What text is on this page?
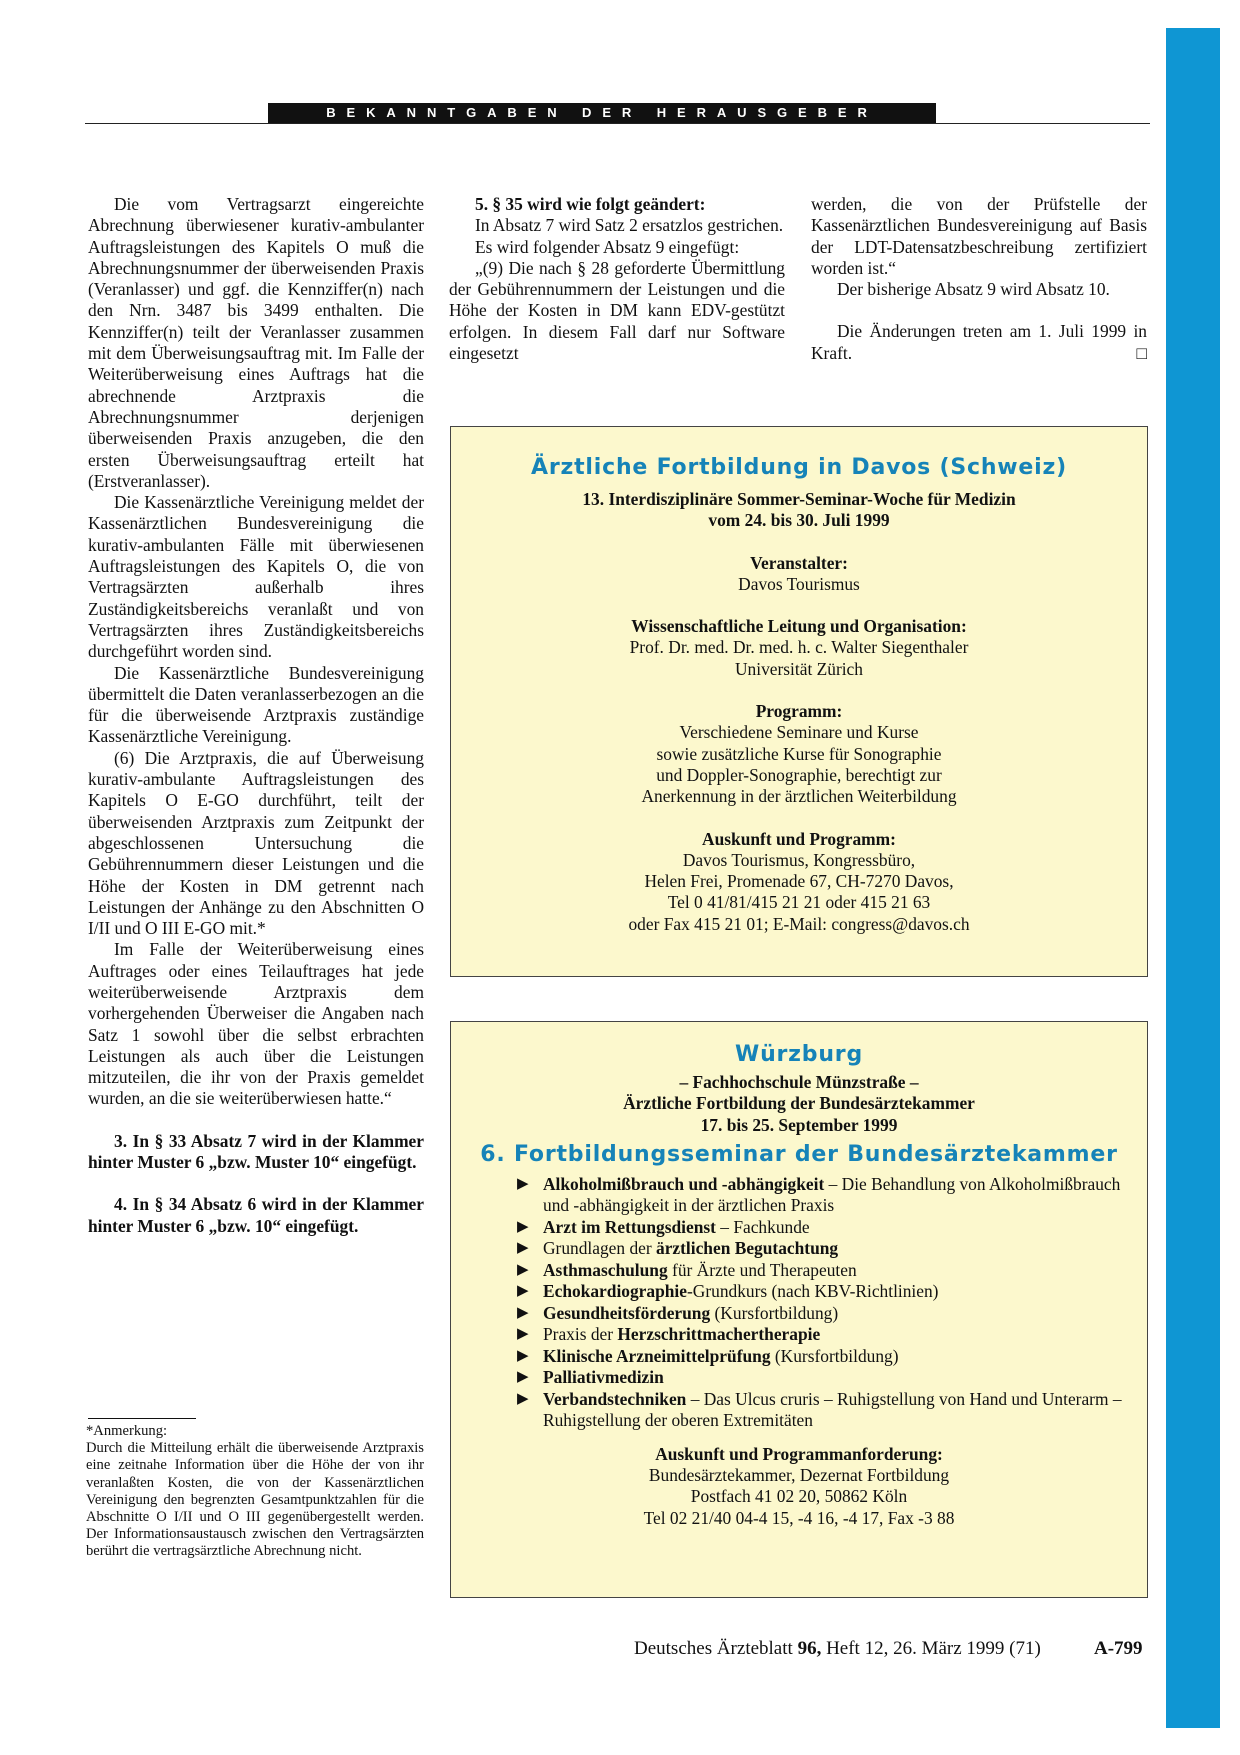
BEKANNTGABEN DER HERAUSGEBER

Die vom Vertragsarzt eingereichte Abrechnung überwiesener kurativ-ambulanter Auftragsleistungen des Kapitels O muß die Abrechnungsnummer der überweisenden Praxis (Veranlasser) und ggf. die Kennziffer(n) nach den Nrn. 3487 bis 3499 enthalten. Die Kennziffer(n) teilt der Veranlasser zusammen mit dem Überweisungsauftrag mit. Im Falle der Weiterüberweisung eines Auftrags hat die abrechnende Arztpraxis die Abrechnungsnummer derjenigen überweisenden Praxis anzugeben, die den ersten Überweisungsauftrag erteilt hat (Erstveranlasser).

Die Kassenärztliche Vereinigung meldet der Kassenärztlichen Bundesvereinigung die kurativ-ambulanten Fälle mit überwiesenen Auftragsleistungen des Kapitels O, die von Vertragsärzten außerhalb ihres Zuständigkeitsbereichs veranlaßt und von Vertragsärzten ihres Zuständigkeitsbereichs durchgeführt worden sind.

Die Kassenärztliche Bundesvereinigung übermittelt die Daten veranlasserbezogen an die für die überweisende Arztpraxis zuständige Kassenärztliche Vereinigung.

(6) Die Arztpraxis, die auf Überweisung kurativ-ambulante Auftragsleistungen des Kapitels O E-GO durchführt, teilt der überweisenden Arztpraxis zum Zeitpunkt der abgeschlossenen Untersuchung die Gebührennummern dieser Leistungen und die Höhe der Kosten in DM getrennt nach Leistungen der Anhänge zu den Abschnitten O I/II und O III E-GO mit.*

Im Falle der Weiterüberweisung eines Auftrages oder eines Teilauftrages hat jede weiterüberweisende Arztpraxis dem vorhergehenden Überweiser die Angaben nach Satz 1 sowohl über die selbst erbrachten Leistungen als auch über die Leistungen mitzuteilen, die ihr von der Praxis gemeldet wurden, an die sie weiterüberwiesen hatte.“

3. In § 33 Absatz 7 wird in der Klammer hinter Muster 6 „bzw. Muster 10“ eingefügt.

4. In § 34 Absatz 6 wird in der Klammer hinter Muster 6 „bzw. 10“ eingefügt.

*Anmerkung:

Durch die Mitteilung erhält die überweisende Arztpraxis eine zeitnahe Information über die Höhe der von ihr veranlaßten Kosten, die von der Kassenärztlichen Vereinigung den begrenzten Gesamtpunktzahlen für die Abschnitte O I/II und O III gegenübergestellt werden. Der Informationsaustausch zwischen den Vertragsärzten berührt die vertragsärztliche Abrechnung nicht.

5. § 35 wird wie folgt geändert:

In Absatz 7 wird Satz 2 ersatzlos gestrichen.

Es wird folgender Absatz 9 eingefügt:

„(9) Die nach § 28 geforderte Übermittlung der Gebührennummern der Leistungen und die Höhe der Kosten in DM kann EDV-gestützt erfolgen. In diesem Fall darf nur Software eingesetzt

werden, die von der Prüfstelle der Kassenärztlichen Bundesvereinigung auf Basis der LDT-Datensatzbeschreibung zertifiziert worden ist.“

Der bisherige Absatz 9 wird Absatz 10.

Die Änderungen treten am 1. Juli 1999 in Kraft.	□

Ärztliche Fortbildung in Davos (Schweiz)

13. Interdisziplinäre Sommer-Seminar-Woche für Medizin

vom 24. bis 30. Juli 1999

Veranstalter:

Davos Tourismus

Wissenschaftliche Leitung und Organisation:

Prof. Dr. med. Dr. med. h. c. Walter Siegenthaler

Universität Zürich

Programm:

Verschiedene Seminare und Kurse

sowie zusätzliche Kurse für Sonographie

und Doppler-Sonographie, berechtigt zur

Anerkennung in der ärztlichen Weiterbildung

Auskunft und Programm:

Davos Tourismus, Kongressbüro,

Helen Frei, Promenade 67, CH-7270 Davos,

Tel 0 41/81/415 21 21 oder 415 21 63

oder Fax 415 21 01; E-Mail: congress@davos.ch

Würzburg

– Fachhochschule Münzstraße –

Ärztliche Fortbildung der Bundesärztekammer

17. bis 25. September 1999

6. Fortbildungsseminar der Bundesärztekammer

▶ Alkoholmißbrauch und -abhängigkeit – Die Behandlung von Alkoholmißbrauch und -abhängigkeit in der ärztlichen Praxis
▶ Arzt im Rettungsdienst – Fachkunde
▶ Grundlagen der ärztlichen Begutachtung
▶ Asthmaschulung für Ärzte und Therapeuten
▶ Echokardiographie-Grundkurs (nach KBV-Richtlinien)
▶ Gesundheitsförderung (Kursfortbildung)
▶ Praxis der Herzschrittmachertherapie
▶ Klinische Arzneimittelprüfung (Kursfortbildung)
▶ Palliativmedizin
▶ Verbandstechniken – Das Ulcus cruris – Ruhigstellung von Hand und Unterarm – Ruhigstellung der oberen Extremitäten

Auskunft und Programmanforderung:

Bundesärztekammer, Dezernat Fortbildung

Postfach 41 02 20, 50862 Köln

Tel 02 21/40 04-4 15, -4 16, -4 17, Fax -3 88

Deutsches Ärzteblatt 96, Heft 12, 26. März 1999 (71)	A-799
